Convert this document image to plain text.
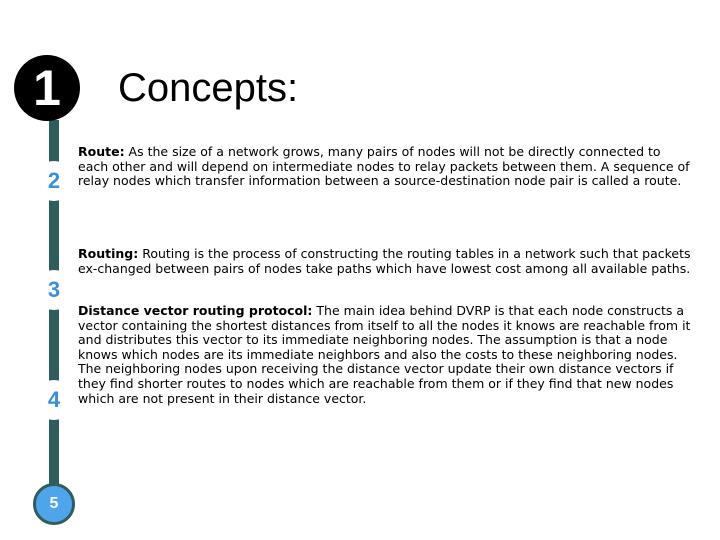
1
2
3
4
5
Concepts:
Route: As the size of a network grows, many pairs of nodes will not be directly connected to each other and will depend on intermediate nodes to relay packets between them. A sequence of relay nodes which transfer information between a source-destination node pair is called a route.
Routing: Routing is the process of constructing the routing tables in a network such that packets ex-changed between pairs of nodes take paths which have lowest cost among all available paths.
Distance vector routing protocol: The main idea behind DVRP is that each node constructs a vector containing the shortest distances from itself to all the nodes it knows are reachable from it and distributes this vector to its immediate neighboring nodes. The assumption is that a node knows which nodes are its immediate neighbors and also the costs to these neighboring nodes. The neighboring nodes upon receiving the distance vector update their own distance vectors if they find shorter routes to nodes which are reachable from them or if they find that new nodes which are not present in their distance vector.
